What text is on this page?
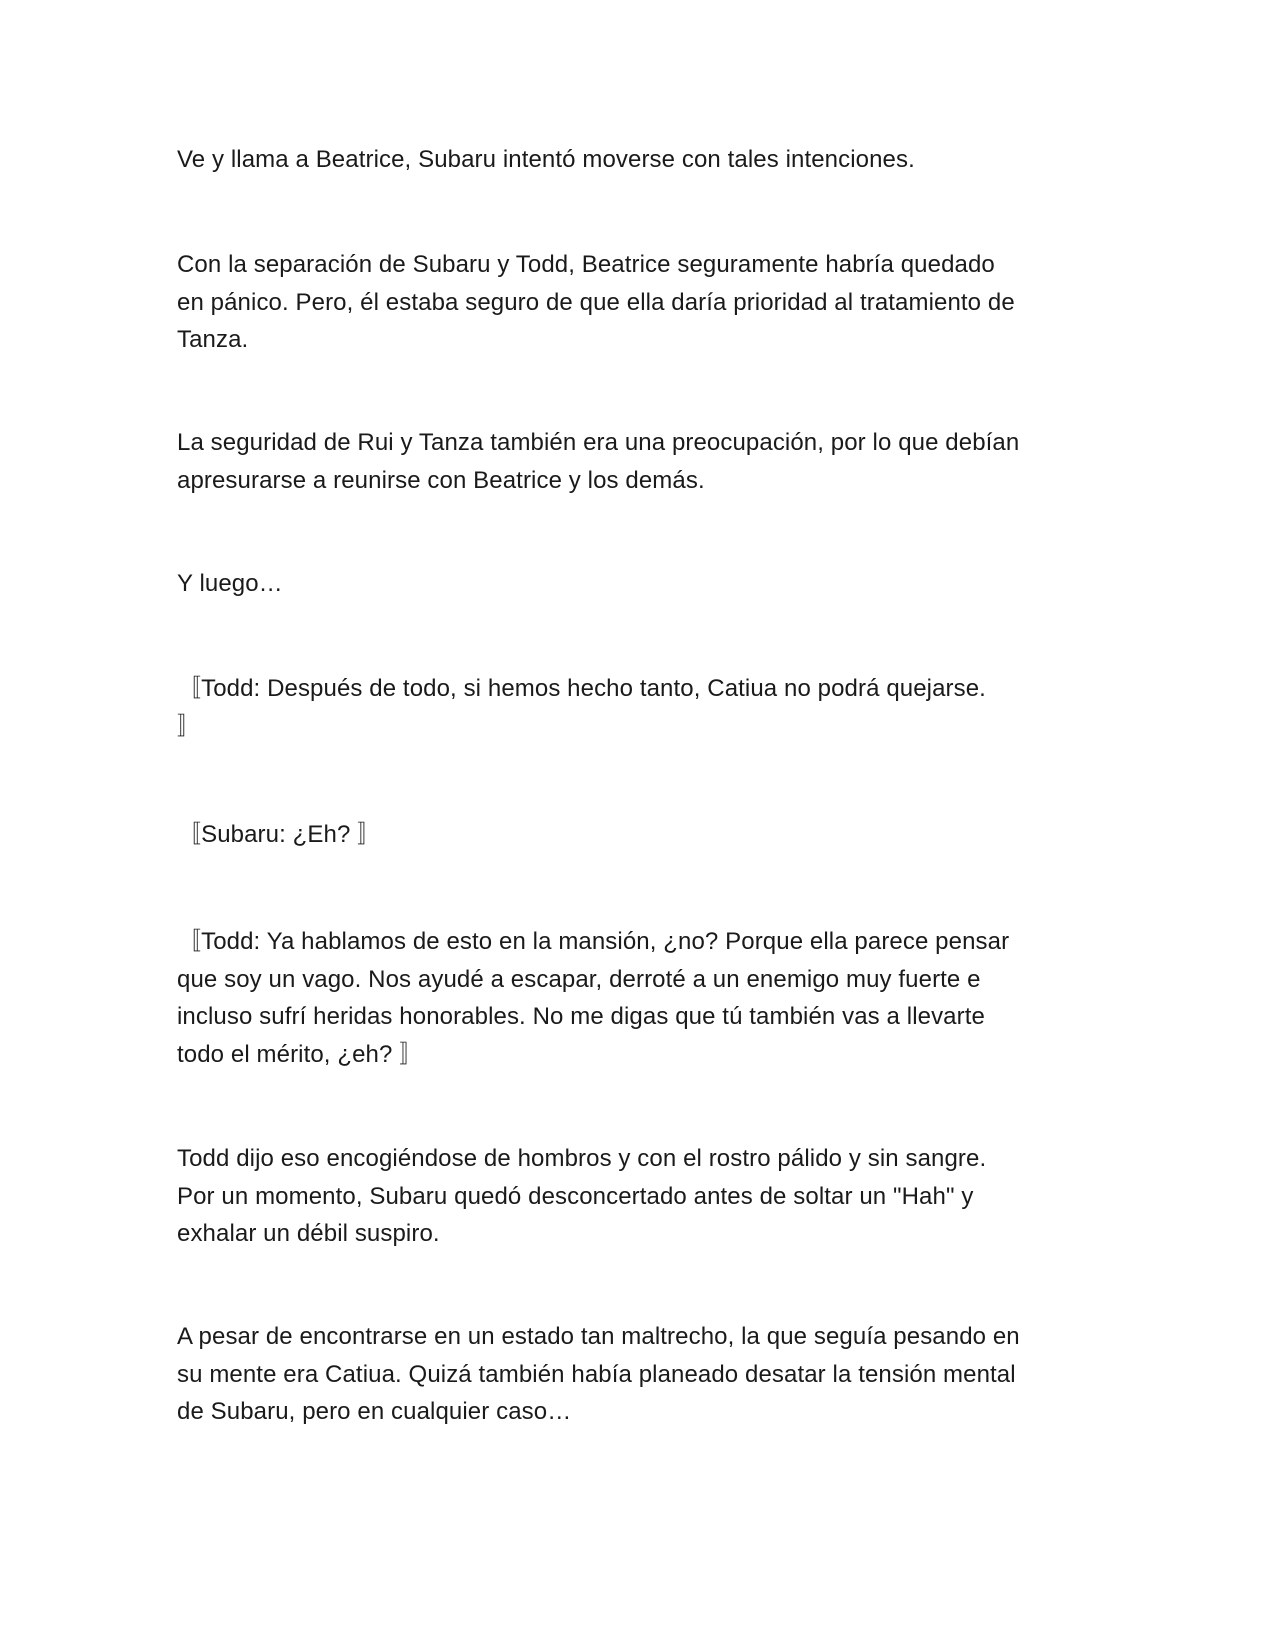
Ve y llama a Beatrice, Subaru intentó moverse con tales intenciones.

Con la separación de Subaru y Todd, Beatrice seguramente habría quedado
en pánico. Pero, él estaba seguro de que ella daría prioridad al tratamiento de
Tanza.

La seguridad de Rui y Tanza también era una preocupación, por lo que debían
apresurarse a reunirse con Beatrice y los demás.

Y luego…

〚Todd: Después de todo, si hemos hecho tanto, Catiua no podrá quejarse.
〛

〚Subaru: ¿Eh? 〛

〚Todd: Ya hablamos de esto en la mansión, ¿no? Porque ella parece pensar
que soy un vago. Nos ayudé a escapar, derroté a un enemigo muy fuerte e
incluso sufrí heridas honorables. No me digas que tú también vas a llevarte
todo el mérito, ¿eh? 〛

Todd dijo eso encogiéndose de hombros y con el rostro pálido y sin sangre.
Por un momento, Subaru quedó desconcertado antes de soltar un "Hah" y
exhalar un débil suspiro.

A pesar de encontrarse en un estado tan maltrecho, la que seguía pesando en
su mente era Catiua. Quizá también había planeado desatar la tensión mental
de Subaru, pero en cualquier caso…
